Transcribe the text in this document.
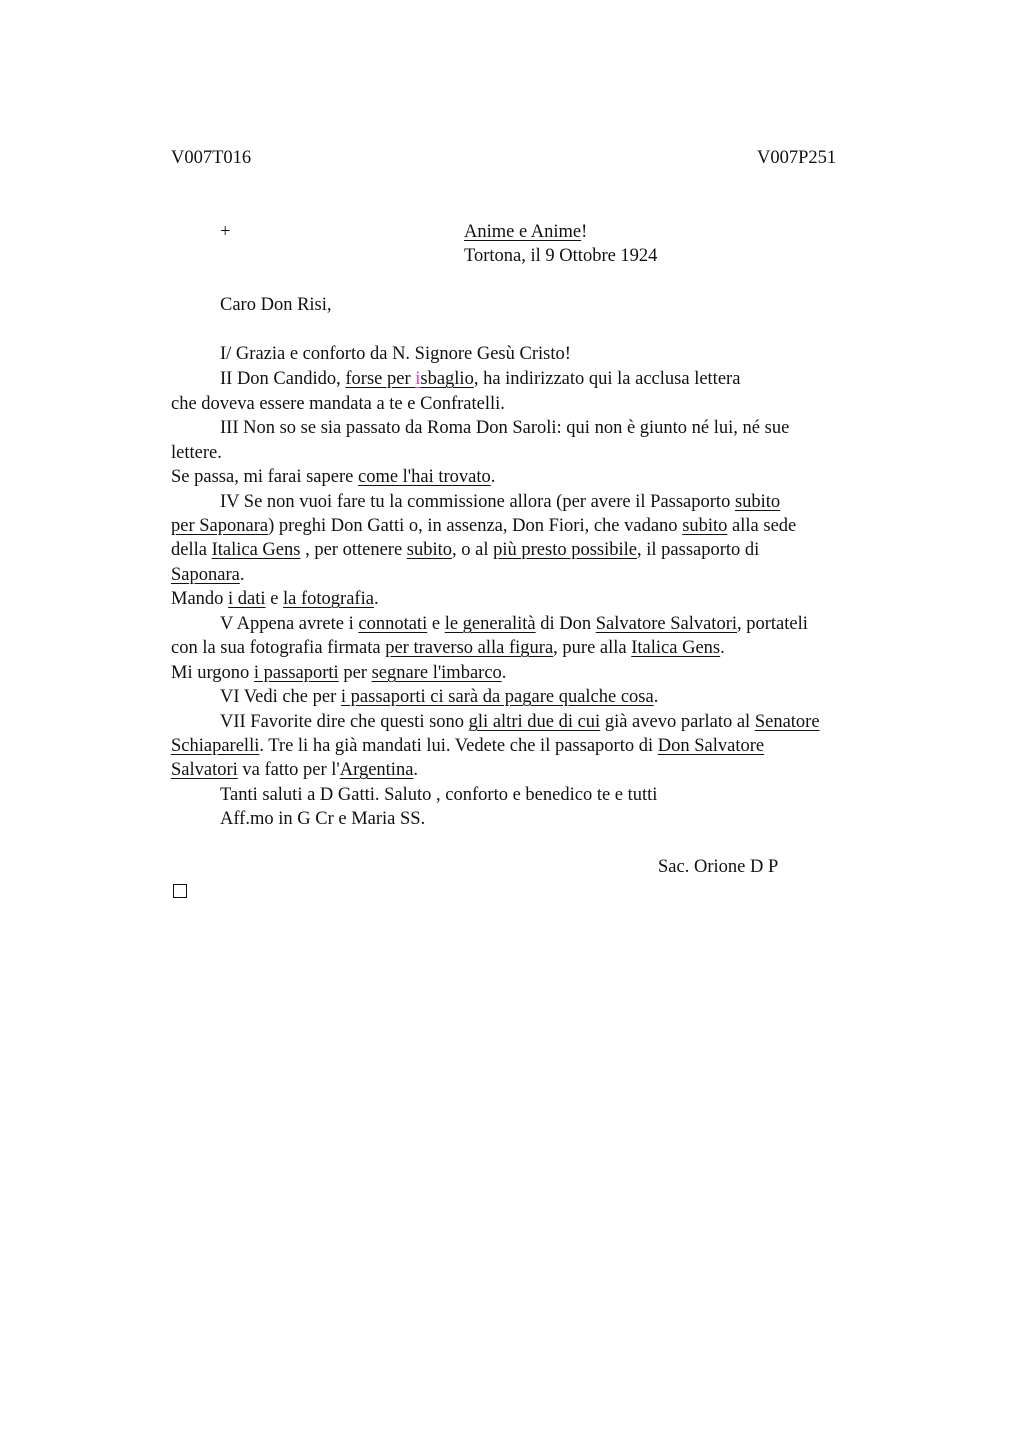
V007T016	V007P251
+	Anime e Anime!
Tortona, il 9 Ottobre 1924
Caro Don Risi,
I/ Grazia e conforto da N. Signore Gesù Cristo!
II Don Candido, forse per isbaglio, ha indirizzato qui la acclusa lettera
che doveva essere mandata a te e Confratelli.
III Non so se sia passato da Roma Don Saroli: qui non è giunto né lui, né sue
lettere.
Se passa, mi farai sapere come l'hai trovato.
IV Se non vuoi fare tu la commissione allora (per avere il Passaporto subito
per Saponara) preghi Don Gatti o, in assenza, Don Fiori, che vadano subito alla sede
della Italica Gens , per ottenere subito, o al più presto possibile, il passaporto di
Saponara.
Mando i dati e la fotografia.
V Appena avrete i connotati e le generalità di Don Salvatore Salvatori, portateli
con la sua fotografia firmata per traverso alla figura, pure alla Italica Gens.
Mi urgono i passaporti per segnare l'imbarco.
VI Vedi che per i passaporti ci sarà da pagare qualche cosa.
VII Favorite dire che questi sono gli altri due di cui già avevo parlato al Senatore
Schiaparelli. Tre li ha già mandati lui. Vedete che il passaporto di Don Salvatore
Salvatori va fatto per l'Argentina.
Tanti saluti a D Gatti. Saluto , conforto e benedico te e tutti
Aff.mo in G Cr e Maria SS.
Sac. Orione D P
